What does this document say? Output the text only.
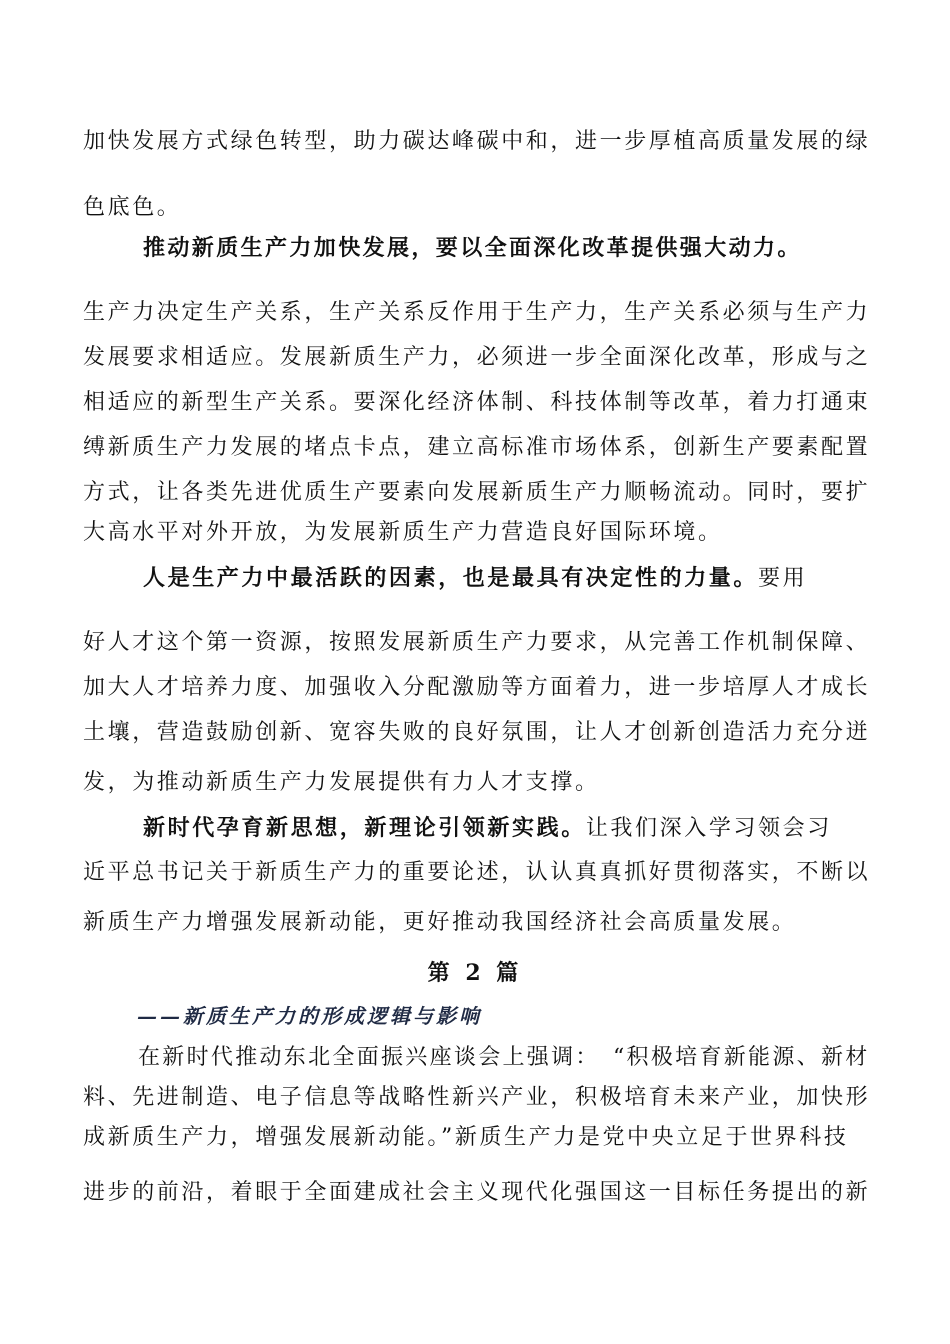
加快发展方式绿色转型，助力碳达峰碳中和，进一步厚植高质量发展的绿

色底色。

推动新质生产力加快发展，要以全面深化改革提供强大动力。

生产力决定生产关系，生产关系反作用于生产力，生产关系必须与生产力

发展要求相适应。发展新质生产力，必须进一步全面深化改革，形成与之

相适应的新型生产关系。要深化经济体制、科技体制等改革，着力打通束

缚新质生产力发展的堵点卡点，建立高标准市场体系，创新生产要素配置

方式，让各类先进优质生产要素向发展新质生产力顺畅流动。同时，要扩

大高水平对外开放，为发展新质生产力营造良好国际环境。

人是生产力中最活跃的因素，也是最具有决定性的力量。要用

好人才这个第一资源，按照发展新质生产力要求，从完善工作机制保障、

加大人才培养力度、加强收入分配激励等方面着力，进一步培厚人才成长

土壤，营造鼓励创新、宽容失败的良好氛围，让人才创新创造活力充分迸

发，为推动新质生产力发展提供有力人才支撑。

新时代孕育新思想，新理论引领新实践。让我们深入学习领会习

近平总书记关于新质生产力的重要论述，认认真真抓好贯彻落实，不断以

新质生产力增强发展新动能，更好推动我国经济社会高质量发展。

第 2 篇
——新质生产力的形成逻辑与影响

在新时代推动东北全面振兴座谈会上强调：　“积极培育新能源、新材

料、先进制造、电子信息等战略性新兴产业，积极培育未来产业，加快形

成新质生产力，增强发展新动能。”新质生产力是党中央立足于世界科技

进步的前沿，着眼于全面建成社会主义现代化强国这一目标任务提出的新
